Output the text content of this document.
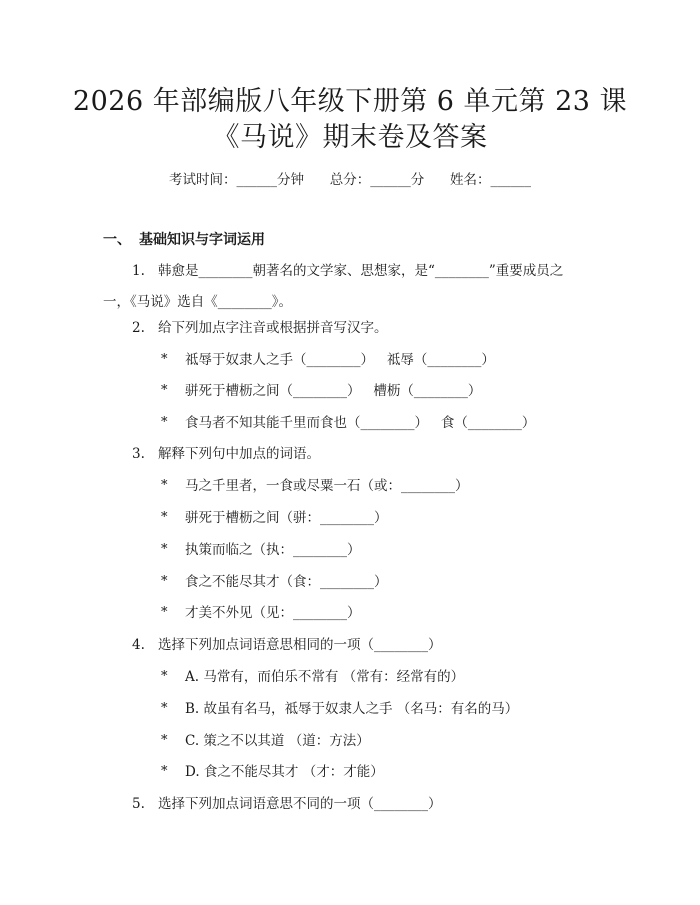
2026 年部编版八年级下册第 6 单元第 23 课
《马说》期末卷及答案
考试时间：______分钟      总分：______分      姓名：______
一、 基础知识与字词运用
1. 韩愈是________朝著名的文学家、思想家，是“________”重要成员之
一，《马说》选自《________》。
2. 给下列加点字注音或根据拼音写汉字。
* 祗辱于奴隶人之手（________）   祗辱（________）
* 骈死于槽枥之间（________）   槽枥（________）
* 食马者不知其能千里而食也（________）   食（________）
3. 解释下列句中加点的词语。
* 马之千里者，一食或尽粟一石（或：________）
* 骈死于槽枥之间（骈：________）
* 执策而临之（执：________）
* 食之不能尽其才（食：________）
* 才美不外见（见：________）
4. 选择下列加点词语意思相同的一项（________）
* A. 马常有，而伯乐不常有 （常有：经常有的）
* B. 故虽有名马，祗辱于奴隶人之手 （名马：有名的马）
* C. 策之不以其道 （道：方法）
* D. 食之不能尽其才 （才：才能）
5. 选择下列加点词语意思不同的一项（________）
